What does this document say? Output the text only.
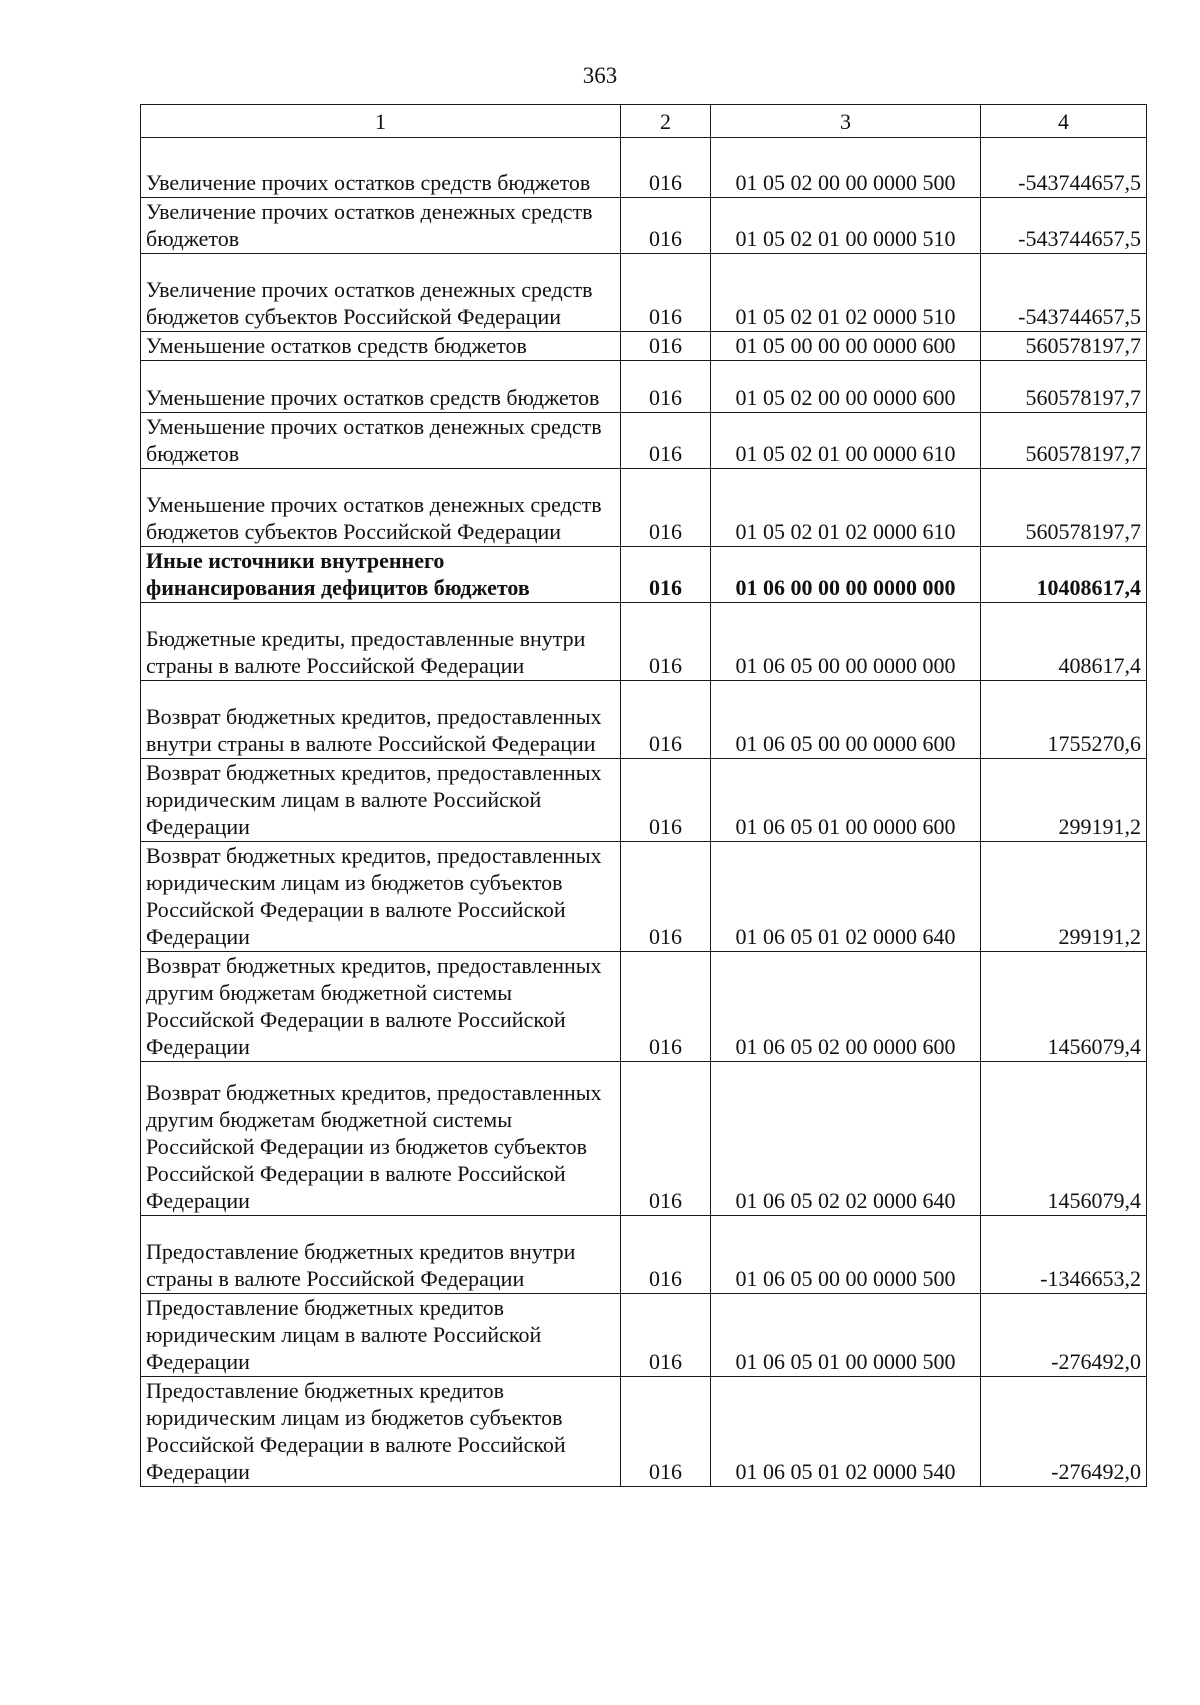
363
1	2	3	4
Увеличение прочих остатков средств бюджетов	016	01 05 02 00 00 0000 500	-543744657,5
Увеличение прочих остатков денежных средств бюджетов	016	01 05 02 01 00 0000 510	-543744657,5
Увеличение прочих остатков денежных средств бюджетов субъектов Российской Федерации	016	01 05 02 01 02 0000 510	-543744657,5
Уменьшение остатков средств бюджетов	016	01 05 00 00 00 0000 600	560578197,7
Уменьшение прочих остатков средств бюджетов	016	01 05 02 00 00 0000 600	560578197,7
Уменьшение прочих остатков денежных средств бюджетов	016	01 05 02 01 00 0000 610	560578197,7
Уменьшение прочих остатков денежных средств бюджетов субъектов Российской Федерации	016	01 05 02 01 02 0000 610	560578197,7
Иные источники внутреннего финансирования дефицитов бюджетов	016	01 06 00 00 00 0000 000	10408617,4
Бюджетные кредиты, предоставленные внутри страны в валюте Российской Федерации	016	01 06 05 00 00 0000 000	408617,4
Возврат бюджетных кредитов, предоставленных внутри страны в валюте Российской Федерации	016	01 06 05 00 00 0000 600	1755270,6
Возврат бюджетных кредитов, предоставленных юридическим лицам в валюте Российской Федерации	016	01 06 05 01 00 0000 600	299191,2
Возврат бюджетных кредитов, предоставленных юридическим лицам из бюджетов субъектов Российской Федерации в валюте Российской Федерации	016	01 06 05 01 02 0000 640	299191,2
Возврат бюджетных кредитов, предоставленных другим бюджетам бюджетной системы Российской Федерации в валюте Российской Федерации	016	01 06 05 02 00 0000 600	1456079,4
Возврат бюджетных кредитов, предоставленных другим бюджетам бюджетной системы Российской Федерации из бюджетов субъектов Российской Федерации в валюте Российской Федерации	016	01 06 05 02 02 0000 640	1456079,4
Предоставление бюджетных кредитов внутри страны в валюте Российской Федерации	016	01 06 05 00 00 0000 500	-1346653,2
Предоставление бюджетных кредитов юридическим лицам в валюте Российской Федерации	016	01 06 05 01 00 0000 500	-276492,0
Предоставление бюджетных кредитов юридическим лицам из бюджетов субъектов Российской Федерации в валюте Российской Федерации	016	01 06 05 01 02 0000 540	-276492,0
